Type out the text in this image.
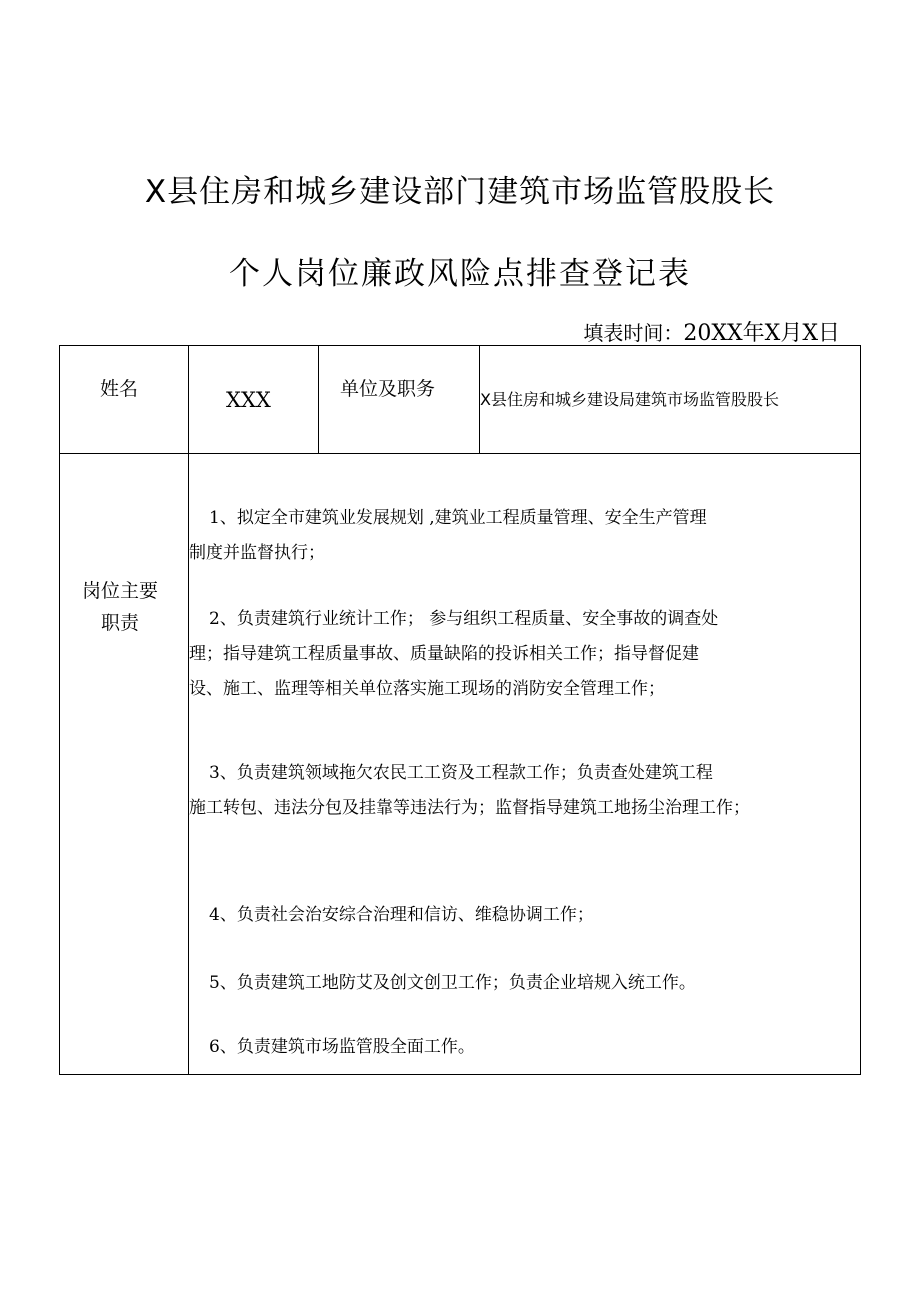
X县住房和城乡建设部门建筑市场监管股股长
个人岗位廉政风险点排查登记表
填表时间：20XX年X月X日
姓名	XXX	单位及职务	X县住房和城乡建设局建筑市场监管股股长
岗位主要
职责
1、拟定全市建筑业发展规划 ,建筑业工程质量管理、安全生产管理
制度并监督执行；
2、负责建筑行业统计工作； 参与组织工程质量、安全事故的调查处
理；指导建筑工程质量事故、质量缺陷的投诉相关工作；指导督促建
设、施工、监理等相关单位落实施工现场的消防安全管理工作；
3、负责建筑领域拖欠农民工工资及工程款工作；负责查处建筑工程
施工转包、违法分包及挂靠等违法行为；监督指导建筑工地扬尘治理工作；
4、负责社会治安综合治理和信访、维稳协调工作；
5、负责建筑工地防艾及创文创卫工作；负责企业培规入统工作。
6、负责建筑市场监管股全面工作。
